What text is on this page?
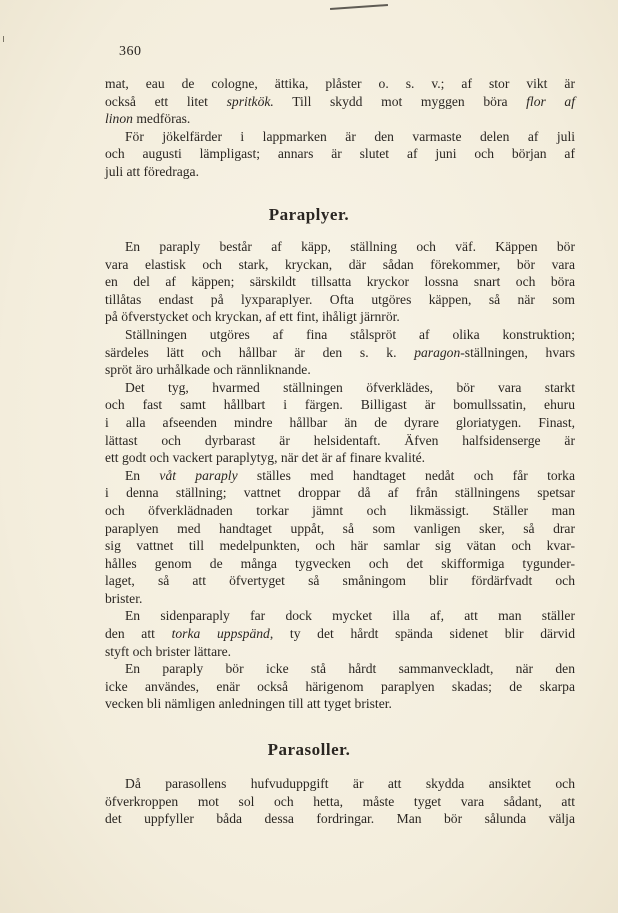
360
mat, eau de cologne, ättika, plåster o. s. v.; af stor vikt är
också ett litet spritkök. Till skydd mot myggen böra flor af
linon medföras.
För jökelfärder i lappmarken är den varmaste delen af juli
och augusti lämpligast; annars är slutet af juni och början af
juli att föredraga.
Paraplyer.
En paraply består af käpp, ställning och väf. Käppen bör
vara elastisk och stark, kryckan, där sådan förekommer, bör vara
en del af käppen; särskildt tillsatta kryckor lossna snart och böra
tillåtas endast på lyxparaplyer. Ofta utgöres käppen, så när som
på öfverstycket och kryckan, af ett fint, ihåligt järnrör.
Ställningen utgöres af fina stålspröt af olika konstruktion;
särdeles lätt och hållbar är den s. k. paragon-ställningen, hvars
spröt äro urhålkade och rännliknande.
Det tyg, hvarmed ställningen öfverklädes, bör vara starkt
och fast samt hållbart i färgen. Billigast är bomullssatin, ehuru
i alla afseenden mindre hållbar än de dyrare gloriatygen. Finast,
lättast och dyrbarast är helsidentaft. Äfven halfsidenserge är
ett godt och vackert paraplytyg, när det är af finare kvalité.
En våt paraply ställes med handtaget nedåt och får torka
i denna ställning; vattnet droppar då af från ställningens spetsar
och öfverklädnaden torkar jämnt och likmässigt. Ställer man
paraplyen med handtaget uppåt, så som vanligen sker, så drar
sig vattnet till medelpunkten, och här samlar sig vätan och kvar-
hålles genom de många tygvecken och det skifformiga tygunder-
laget, så att öfvertyget så småningom blir fördärfvadt och
brister.
En sidenparaply far dock mycket illa af, att man ställer
den att torka uppspänd, ty det hårdt spända sidenet blir därvid
styft och brister lättare.
En paraply bör icke stå hårdt sammanveckladt, när den
icke användes, enär också härigenom paraplyen skadas; de skarpa
vecken bli nämligen anledningen till att tyget brister.
Parasoller.
Då parasollens hufvuduppgift är att skydda ansiktet och
öfverkroppen mot sol och hetta, måste tyget vara sådant, att
det uppfyller båda dessa fordringar. Man bör sålunda välja
